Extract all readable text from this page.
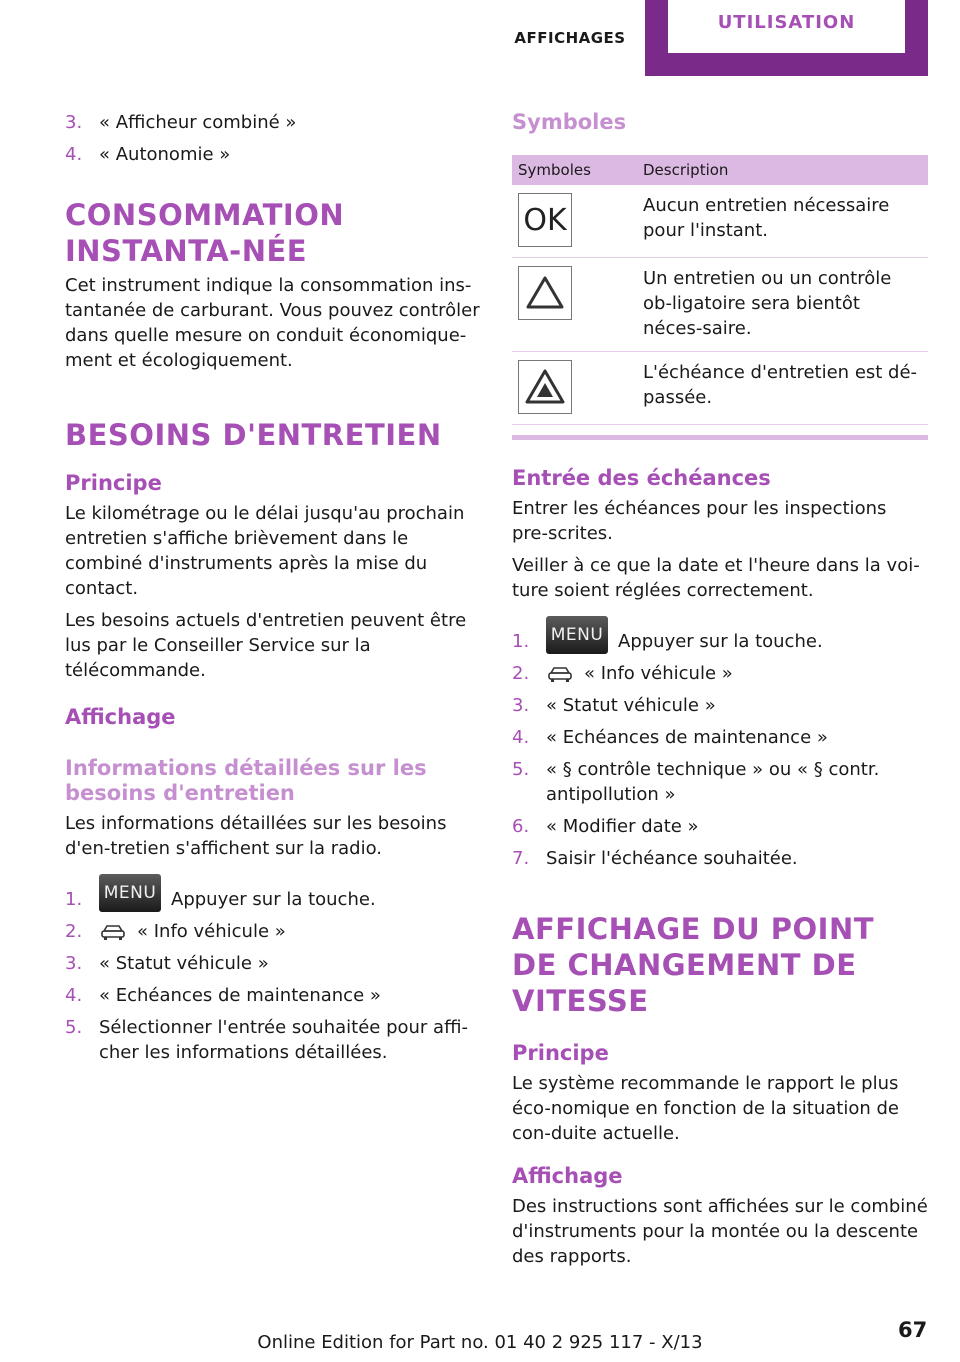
AFFICHAGES
UTILISATION
3. « Afficheur combiné »
4. « Autonomie »
CONSOMMATION INSTANTA-NÉE

Cet instrument indique la consommation ins-tantanée de carburant. Vous pouvez contrôler dans quelle mesure on conduit économique-ment et écologiquement.

BESOINS D'ENTRETIEN
Principe

Le kilométrage ou le délai jusqu'au prochain entretien s'affiche brièvement dans le combiné d'instruments après la mise du contact.

Les besoins actuels d'entretien peuvent être lus par le Conseiller Service sur la télécommande.

Affichage
Informations détaillées sur les besoins d'entretien

Les informations détaillées sur les besoins d'en-tretien s'affichent sur la radio.

1. MENU Appuyer sur la touche.
2.	« Info véhicule »
3. « Statut véhicule »
4. « Echéances de maintenance »
5. Sélectionner l'entrée souhaitée pour affi-cher les informations détaillées.
Symboles
Symboles	Description

OK	Aucun entretien nécessaire pour l'instant.

	Un entretien ou un contrôle ob-ligatoire sera bientôt néces-saire.

	L'échéance d'entretien est dé-passée.
Entrée des échéances

Entrer les échéances pour les inspections pre-scrites.

Veiller à ce que la date et l'heure dans la voi-ture soient réglées correctement.

1. MENU Appuyer sur la touche.
2.	« Info véhicule »
3. « Statut véhicule »
4. « Echéances de maintenance »
5. « § contrôle technique » ou « § contr. antipollution »
6. « Modifier date »
7. Saisir l'échéance souhaitée.
AFFICHAGE DU POINT DE CHANGEMENT DE VITESSE
Principe

Le système recommande le rapport le plus éco-nomique en fonction de la situation de con-duite actuelle.

Affichage

Des instructions sont affichées sur le combiné d'instruments pour la montée ou la descente des rapports.

67
Online Edition for Part no. 01 40 2 925 117 - X/13
